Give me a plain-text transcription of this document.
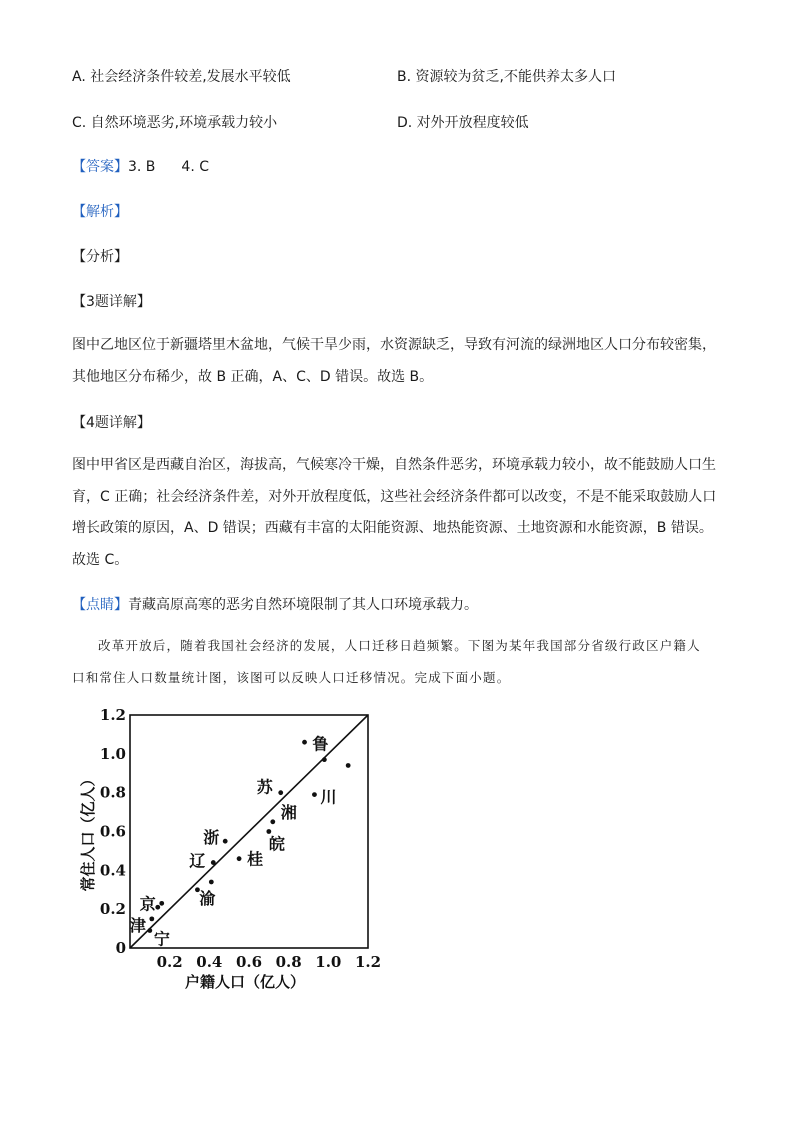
A. 社会经济条件较差,发展水平较低	B. 资源较为贫乏,不能供养太多人口
C. 自然环境恶劣,环境承载力较小	D. 对外开放程度较低
【答案】3. B 4. C
【解析】
【分析】
【3题详解】
图中乙地区位于新疆塔里木盆地，气候干旱少雨，水资源缺乏，导致有河流的绿洲地区人口分布较密集，
其他地区分布稀少，故 B 正确，A、C、D 错误。故选 B。
【4题详解】
图中甲省区是西藏自治区，海拔高，气候寒冷干燥，自然条件恶劣，环境承载力较小，故不能鼓励人口生
育，C 正确；社会经济条件差，对外开放程度低，这些社会经济条件都可以改变，不是不能采取鼓励人口
增长政策的原因，A、D 错误；西藏有丰富的太阳能资源、地热能资源、土地资源和水能资源，B 错误。
故选 C。
【点睛】青藏高原高寒的恶劣自然环境限制了其人口环境承载力。
改革开放后，随着我国社会经济的发展，人口迁移日趋频繁。下图为某年我国部分省级行政区户籍人
口和常住人口数量统计图，该图可以反映人口迁移情况。完成下面小题。
0
0.2
0.4
0.6
0.8
1.0
1.2
0.2 0.4 0.6 0.8 1.0 1.2
京
津
宁
渝
辽
浙
桂
皖
湘
苏
川
鲁
常住人口（亿人）
户籍人口（亿人）
